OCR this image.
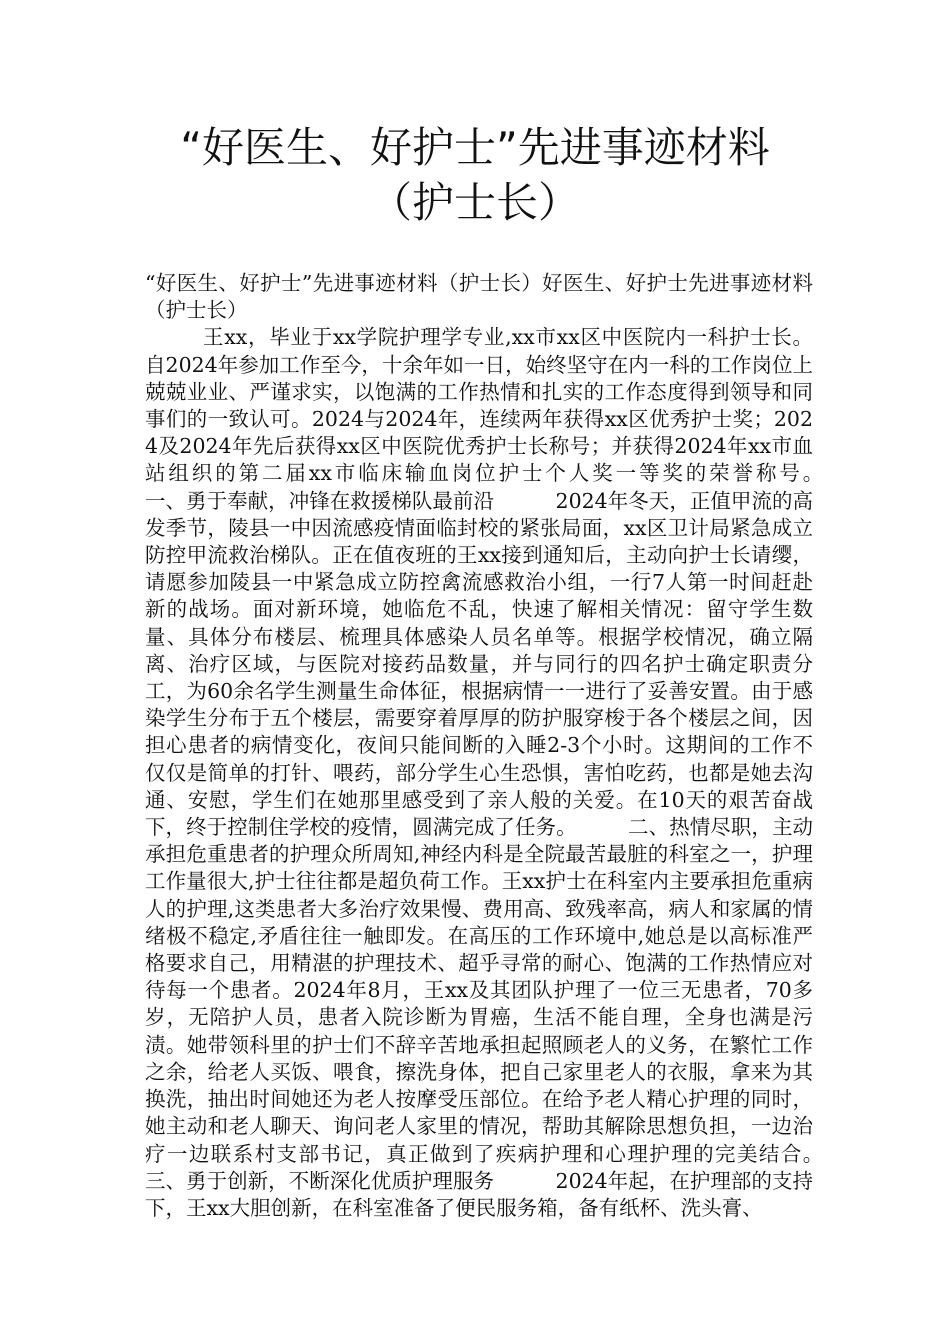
“好医生、好护士”先进事迹材料（护士长）

“好医生、好护士”先进事迹材料（护士长）好医生、好护士先进事迹材料（护士长）

王xx，毕业于xx学院护理学专业,xx市xx区中医院内一科护士长。自2024年参加工作至今，十余年如一日，始终坚守在内一科的工作岗位上兢兢业业、严谨求实，以饱满的工作热情和扎实的工作态度得到领导和同事们的一致认可。2024与2024年，连续两年获得xx区优秀护士奖；2024及2024年先后获得xx区中医院优秀护士长称号；并获得2024年xx市血站组织的第二届xx市临床输血岗位护士个人奖一等奖的荣誉称号。　　　一、勇于奉献，冲锋在救援梯队最前沿　　　2024年冬天，正值甲流的高发季节，陵县一中因流感疫情面临封校的紧张局面，xx区卫计局紧急成立防控甲流救治梯队。正在值夜班的王xx接到通知后，主动向护士长请缨，请愿参加陵县一中紧急成立防控禽流感救治小组，一行7人第一时间赶赴新的战场。面对新环境，她临危不乱，快速了解相关情况：留守学生数量、具体分布楼层、梳理具体感染人员名单等。根据学校情况，确立隔离、治疗区域，与医院对接药品数量，并与同行的四名护士确定职责分工，为60余名学生测量生命体征，根据病情一一进行了妥善安置。由于感染学生分布于五个楼层，需要穿着厚厚的防护服穿梭于各个楼层之间，因担心患者的病情变化，夜间只能间断的入睡2-3个小时。这期间的工作不仅仅是简单的打针、喂药，部分学生心生恐惧，害怕吃药，也都是她去沟通、安慰，学生们在她那里感受到了亲人般的关爱。在10天的艰苦奋战下，终于控制住学校的疫情，圆满完成了任务。　　　二、热情尽职，主动承担危重患者的护理众所周知,神经内科是全院最苦最脏的科室之一，护理工作量很大,护士往往都是超负荷工作。王xx护士在科室内主要承担危重病人的护理,这类患者大多治疗效果慢、费用高、致残率高，病人和家属的情绪极不稳定,矛盾往往一触即发。在高压的工作环境中,她总是以高标准严格要求自己，用精湛的护理技术、超乎寻常的耐心、饱满的工作热情应对待每一个患者。2024年8月，王xx及其团队护理了一位三无患者，70多岁，无陪护人员，患者入院诊断为胃癌，生活不能自理，全身也满是污渍。她带领科里的护士们不辞辛苦地承担起照顾老人的义务，在繁忙工作之余，给老人买饭、喂食，擦洗身体，把自己家里老人的衣服，拿来为其换洗，抽出时间她还为老人按摩受压部位。在给予老人精心护理的同时，她主动和老人聊天、询问老人家里的情况，帮助其解除思想负担，一边治疗一边联系村支部书记，真正做到了疾病护理和心理护理的完美结合。　　　三、勇于创新，不断深化优质护理服务　　　2024年起，在护理部的支持下，王xx大胆创新，在科室准备了便民服务箱，备有纸杯、洗头膏、
